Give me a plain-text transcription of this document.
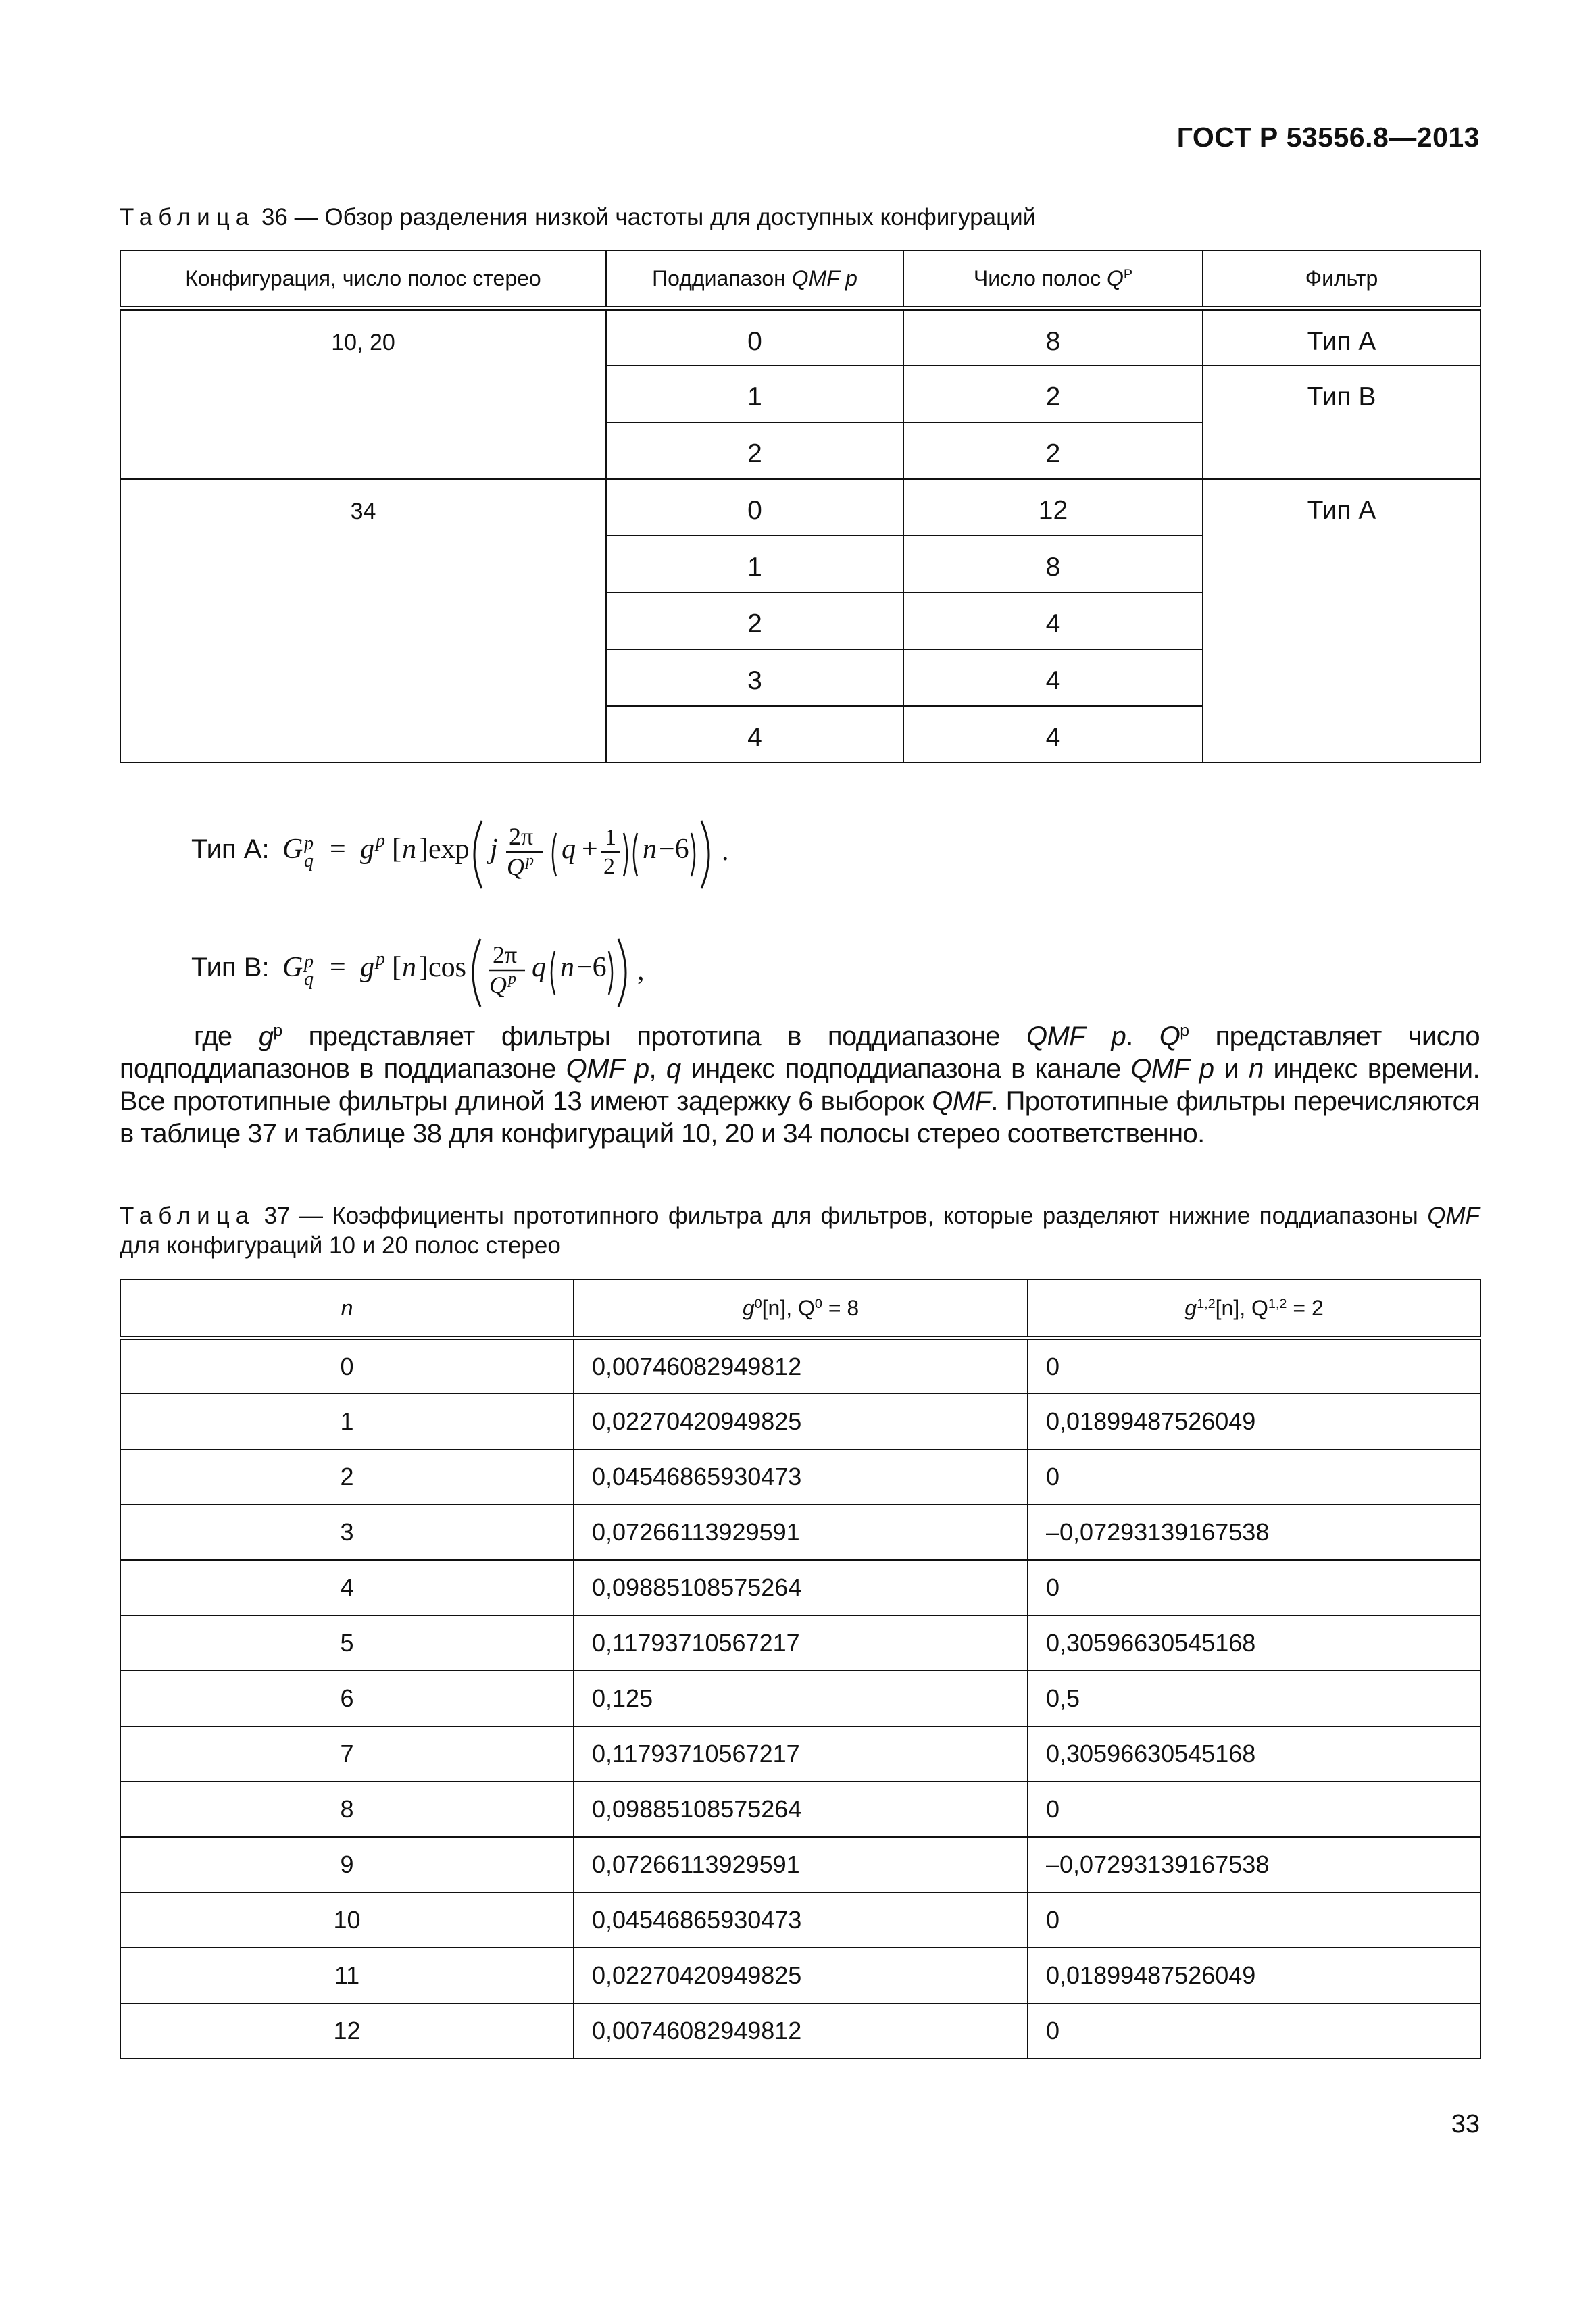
ГОСТ Р 53556.8—2013
Таблица 36 — Обзор разделения низкой частоты для доступных конфигураций
Конфигурация, число полос стерео	Поддиапазон QMF p	Число полос $Q^P$	Фильтр
10, 20	0	8	Тип A
	1	2	Тип B
	2	2	
34	0	12	Тип A
	1	8	
	2	4	
	3	4	
	4	4	
Тип A: G p
q = g p [ n ]exp j 2π
Q p q + 1
2
n −6 .
Тип B: G p
q = g p [ n ]cos 2π
Q p q n −6 ,
где $g^p$ представляет фильтры прототипа в поддиапазоне QMF p. $Q^p$ представляет число подподдиапазонов в поддиапазоне QMF p, q индекс подподдиапазона в канале QMF p и n индекс времени. Все прототипные фильтры длиной 13 имеют задержку 6 выборок QMF. Прототипные фильтры перечисляются в таблице 37 и таблице 38 для конфигураций 10, 20 и 34 полосы стерео соответственно.
Таблица 37 — Коэффициенты прототипного фильтра для фильтров, которые разделяют нижние поддиапазоны QMF для конфигураций 10 и 20 полос стерео
n	$g^0[n]$, $Q^0 = 8$	$g^{1,2}[n]$, Q$^{1,2}$ = 2
0	0,00746082949812	0
1	0,02270420949825	0,01899487526049
2	0,04546865930473	0
3	0,07266113929591	–0,07293139167538
4	0,09885108575264	0
5	0,11793710567217	0,30596630545168
6	0,125	0,5
7	0,11793710567217	0,30596630545168
8	0,09885108575264	0
9	0,07266113929591	–0,07293139167538
10	0,04546865930473	0
11	0,02270420949825	0,01899487526049
12	0,00746082949812	0
33
